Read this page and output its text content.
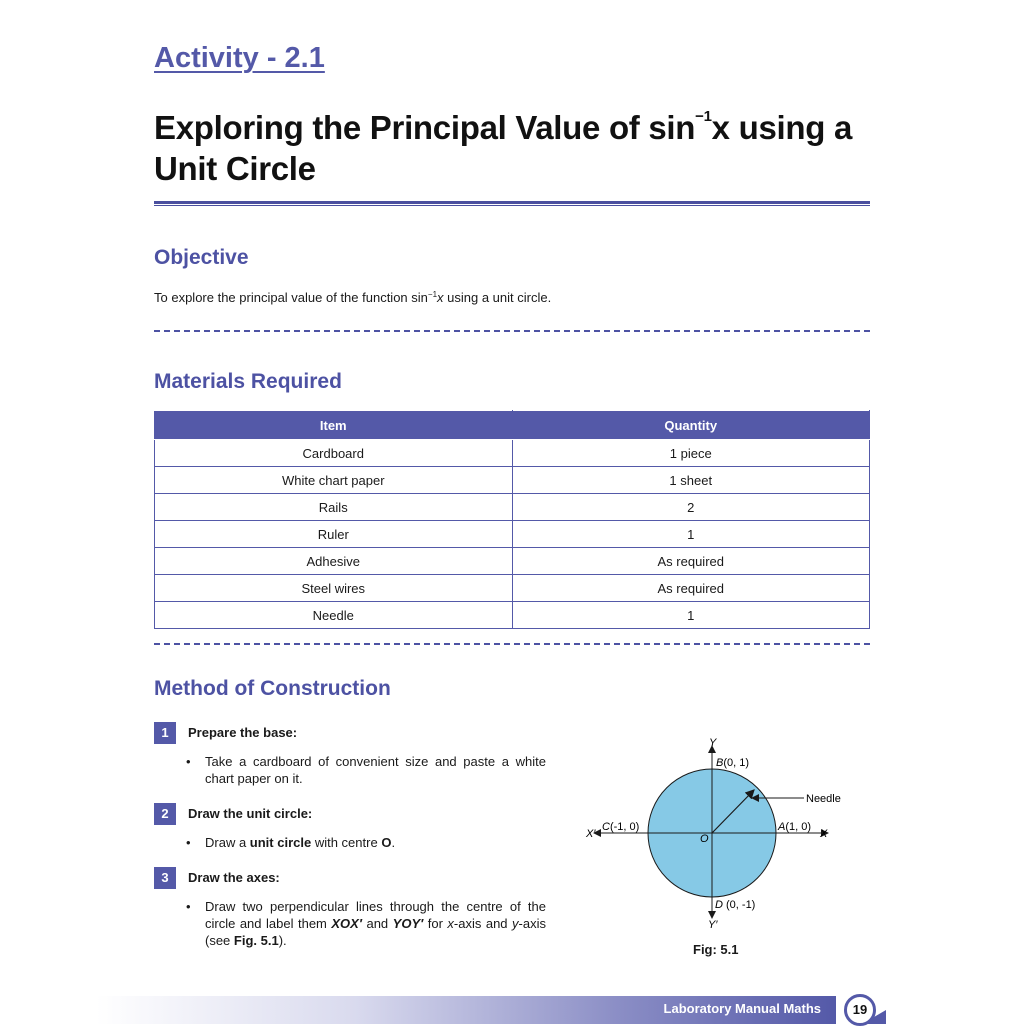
Activity - 2.1
Exploring the Principal Value of $\sin^{-1}x$ using a Unit Circle
Objective
To explore the principal value of the function $\sin^{-1}x$ using a unit circle.
Materials Required
Item	Quantity
Cardboard	1 piece
White chart paper	1 sheet
Rails	2
Ruler	1
Adhesive	As required
Steel wires	As required
Needle	1
Method of Construction
1	Prepare the base:
• Take a cardboard of convenient size and paste a white chart paper on it.
2	Draw the unit circle:
• Draw a unit circle with centre O.
3	Draw the axes:
• Draw two perpendicular lines through the centre of the circle and label them XOX′ and YOY′ for x-axis and y-axis (see Fig. 5.1).
Y
Y′
X
X′	O
B(0, 1)
A(1, 0)
C(-1, 0)
D (0, -1)
Needle
Fig: 5.1
Laboratory Manual Maths	19
